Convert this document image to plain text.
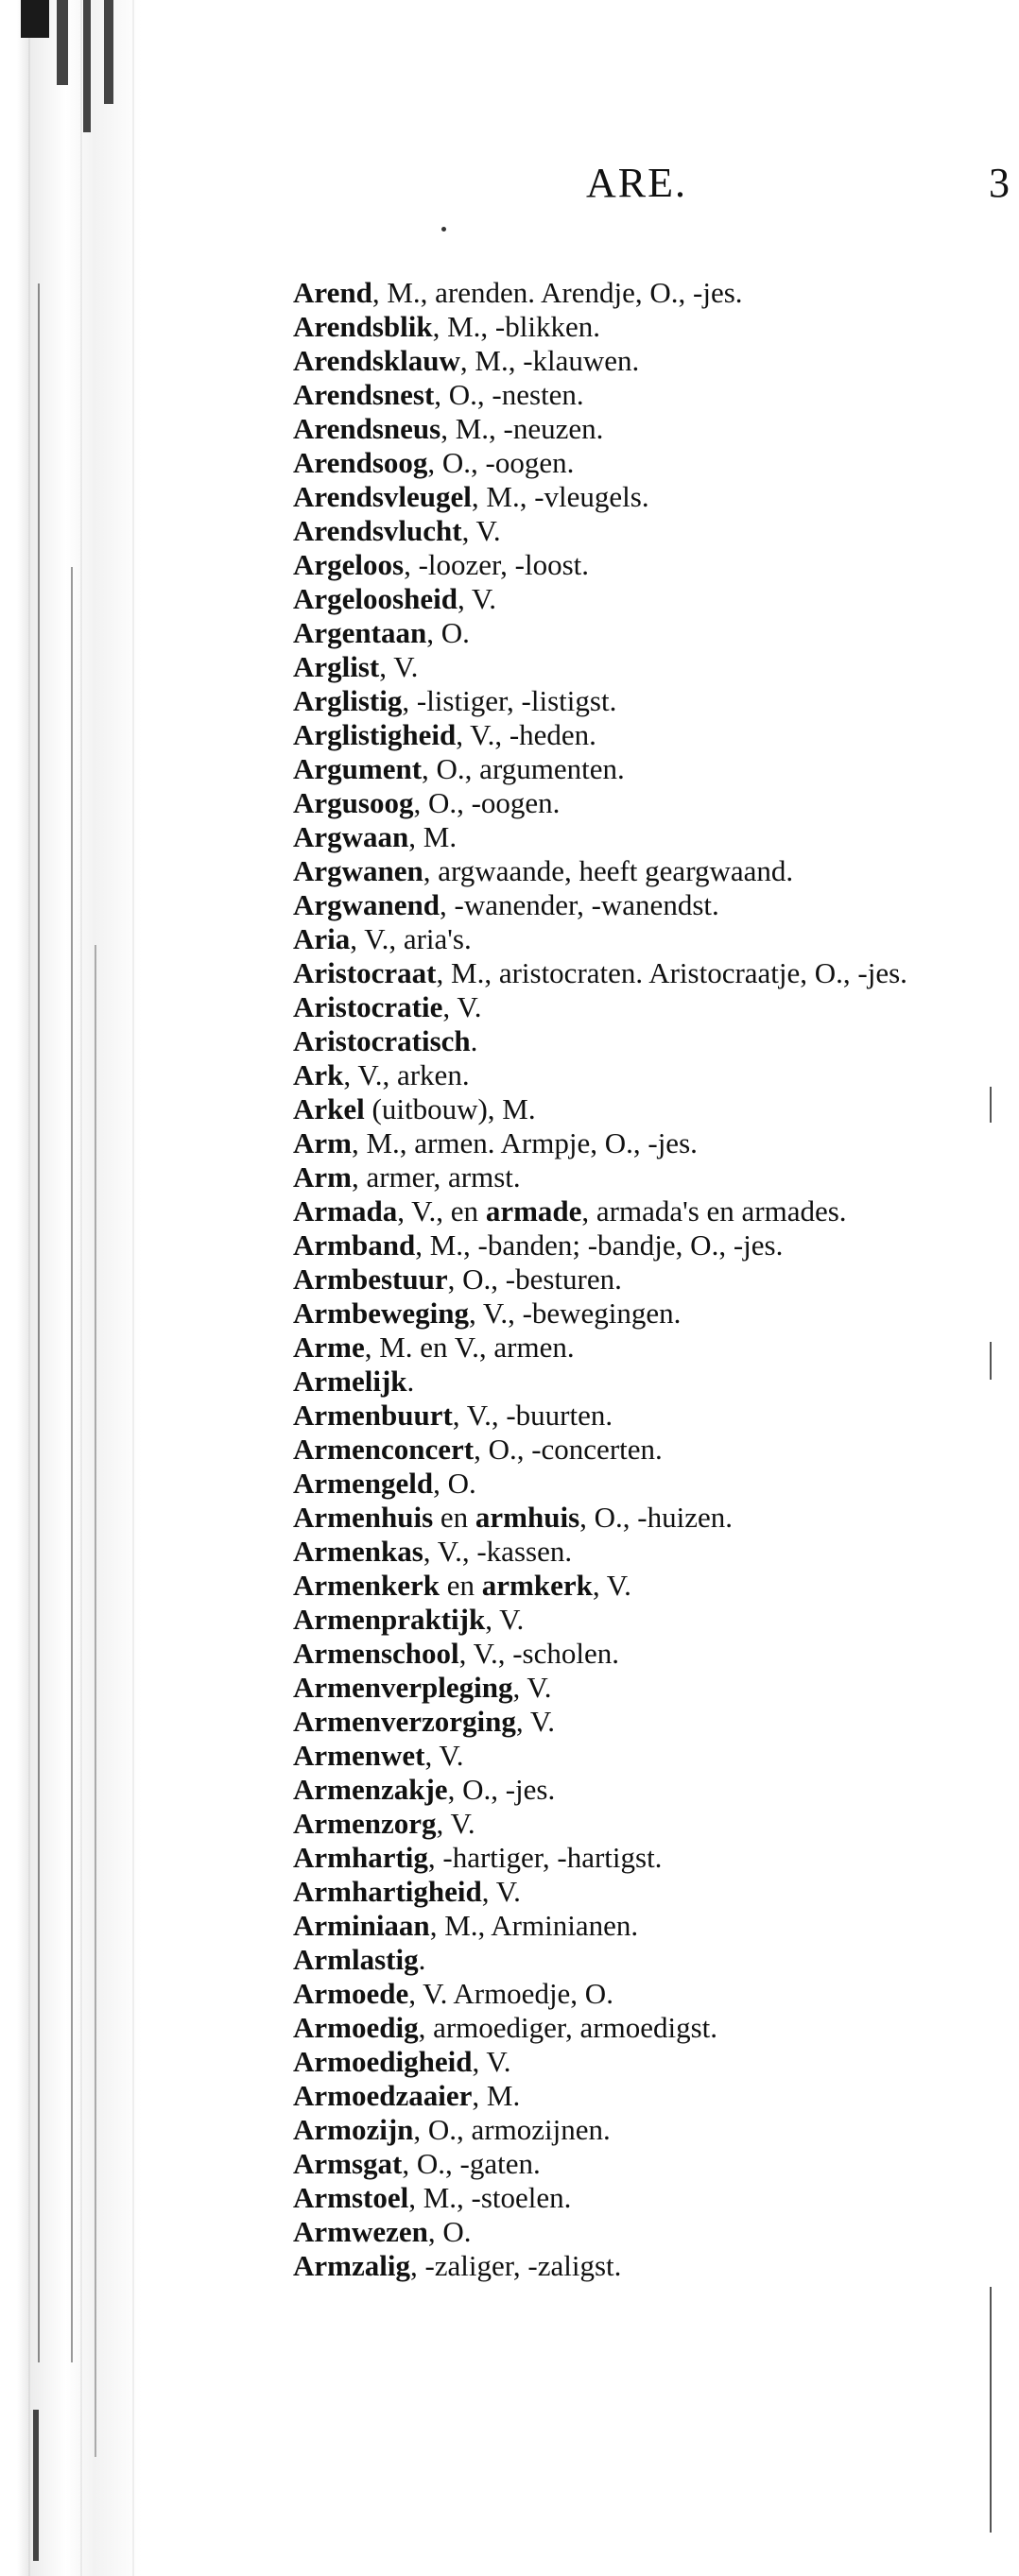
ARE.	3

Arend, M., arenden. Arendje, O., -jes.

Arendsblik, M., -blikken.

Arendsklauw, M., -klauwen.

Arendsnest, O., -nesten.

Arendsneus, M., -neuzen.

Arendsoog, O., -oogen.

Arendsvleugel, M., -vleugels.

Arendsvlucht, V.

Argeloos, -loozer, -loost.

Argeloosheid, V.

Argentaan, O.

Arglist, V.

Arglistig, -listiger, -listigst.

Arglistigheid, V., -heden.

Argument, O., argumenten.

Argusoog, O., -oogen.

Argwaan, M.

Argwanen, argwaande, heeft geargwaand.

Argwanend, -wanender, -wanendst.

Aria, V., aria's.

Aristocraat, M., aristocraten. Aristocraatje, O., -jes.

Aristocratie, V.

Aristocratisch.

Ark, V., arken.

Arkel (uitbouw), M.

Arm, M., armen. Armpje, O., -jes.

Arm, armer, armst.

Armada, V., en armade, armada's en armades.

Armband, M., -banden; -bandje, O., -jes.

Armbestuur, O., -besturen.

Armbeweging, V., -bewegingen.

Arme, M. en V., armen.

Armelijk.

Armenbuurt, V., -buurten.

Armenconcert, O., -concerten.

Armengeld, O.

Armenhuis en armhuis, O., -huizen.

Armenkas, V., -kassen.

Armenkerk en armkerk, V.

Armenpraktijk, V.

Armenschool, V., -scholen.

Armenverpleging, V.

Armenverzorging, V.

Armenwet, V.

Armenzakje, O., -jes.

Armenzorg, V.

Armhartig, -hartiger, -hartigst.

Armhartigheid, V.

Arminiaan, M., Arminianen.

Armlastig.

Armoede, V. Armoedje, O.

Armoedig, armoediger, armoedigst.

Armoedigheid, V.

Armoedzaaier, M.

Armozijn, O., armozijnen.

Armsgat, O., -gaten.

Armstoel, M., -stoelen.

Armwezen, O.

Armzalig, -zaliger, -zaligst.
